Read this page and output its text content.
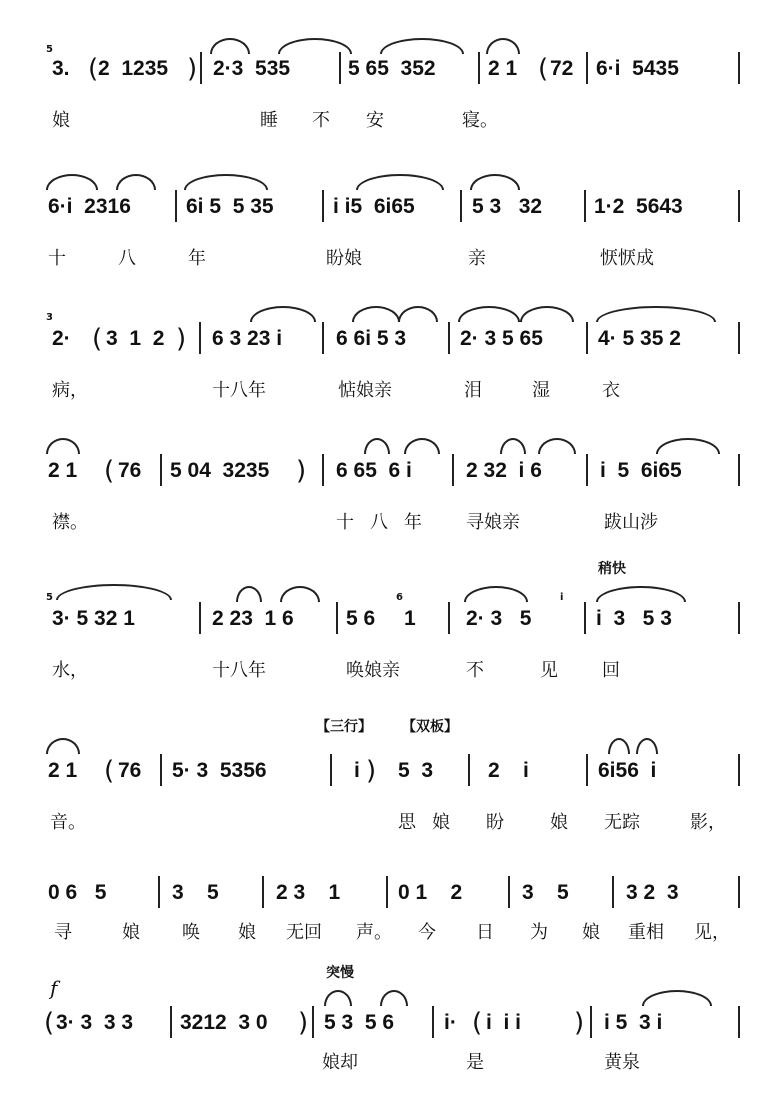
5
3. ( 2  1235 ) 2·3  535	5 65  352 2 1 ( 72 6·i  5435
娘	睡 不 安	寝。
6·i  2316	6i 5  5 35	i i5  6i65	5 3   32 1·2  5643
十	八	年	盼娘	亲	恹恹成
3
2· ( 3  1  2 ) 6 3 23 i	6 6i 5 3	2· 3 5 65	4· 5 35 2
病，	十八年	惦娘亲	泪	湿	衣
2 1 ( 76 5 04  3235 ) 6 65  6 i	2 32  i 6	i  5  6i65
襟。	十 八 年 寻娘亲	跋山涉
稍快
5
3· 5 32 1	2 23  1 6 5 6
6
1 2· 3   5
i
i  3   5 3
水，	十八年	唤娘亲	不	见 回
【三行】 【双板】
2 1 ( 76 5· 3  5356	i ) 5  3	2    i	6i56  i
音。	思 娘 盼	娘 无踪	影，
0 6   5	3    5	2 3    1	0 1    2	3    5	3 2  3
寻	娘 唤 娘 无回 声。 今 日 为 娘 重相 见，
f
突慢
( 3· 3  3 3 3212  3 0 ) 5 3  5 6 i· ( i  i i ) i 5  3 i
娘却	是	黄泉
